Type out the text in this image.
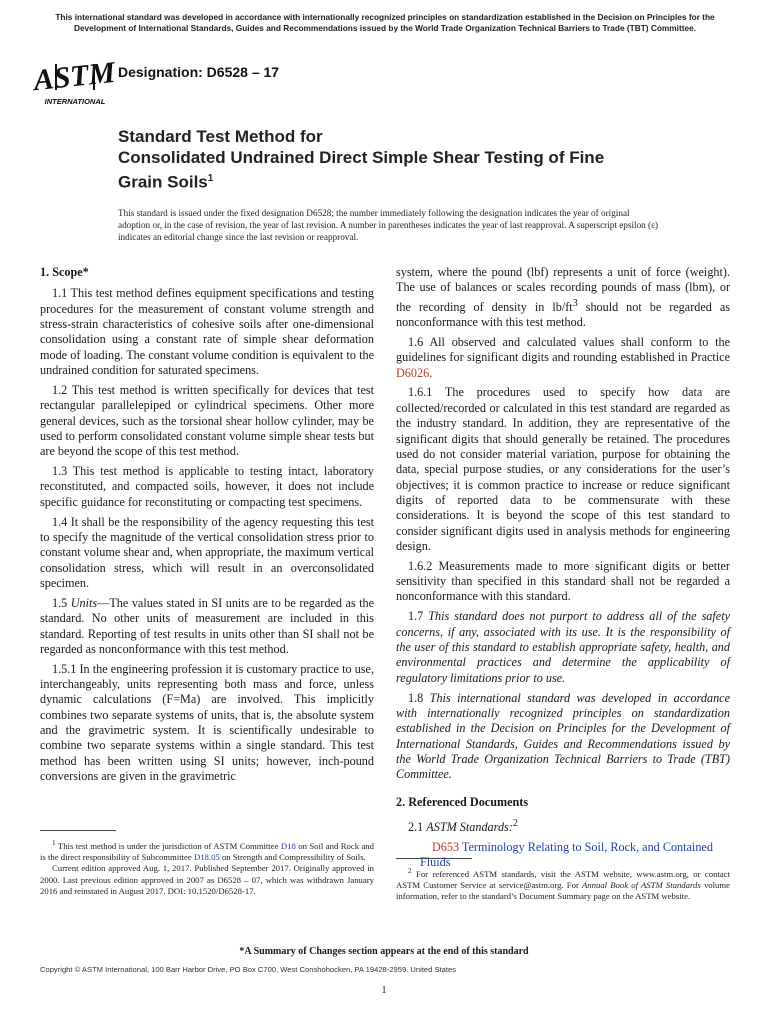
This international standard was developed in accordance with internationally recognized principles on standardization established in the Decision on Principles for the Development of International Standards, Guides and Recommendations issued by the World Trade Organization Technical Barriers to Trade (TBT) Committee.
ASTM
INTERNATIONAL
Designation: D6528 – 17
Standard Test Method for
Consolidated Undrained Direct Simple Shear Testing of Fine
Grain Soils$^1$
This standard is issued under the fixed designation D6528; the number immediately following the designation indicates the year of original adoption or, in the case of revision, the year of last revision. A number in parentheses indicates the year of last reapproval. A superscript epsilon (ε) indicates an editorial change since the last revision or reapproval.
1. Scope*

1.1 This test method defines equipment specifications and testing procedures for the measurement of constant volume strength and stress-strain characteristics of cohesive soils after one-dimensional consolidation using a constant rate of simple shear deformation mode of loading. The constant volume condition is equivalent to the undrained condition for saturated specimens.

1.2 This test method is written specifically for devices that test rectangular parallelepiped or cylindrical specimens. Other more general devices, such as the torsional shear hollow cylinder, may be used to perform consolidated constant volume simple shear tests but are beyond the scope of this test method.

1.3 This test method is applicable to testing intact, laboratory reconstituted, and compacted soils, however, it does not include specific guidance for reconstituting or compacting test specimens.

1.4 It shall be the responsibility of the agency requesting this test to specify the magnitude of the vertical consolidation stress prior to constant volume shear and, when appropriate, the maximum vertical consolidation stress, which will result in an overconsolidated specimen.

1.5 Units—The values stated in SI units are to be regarded as the standard. No other units of measurement are included in this standard. Reporting of test results in units other than SI shall not be regarded as nonconformance with this test method.

1.5.1 In the engineering profession it is customary practice to use, interchangeably, units representing both mass and force, unless dynamic calculations (F=Ma) are involved. This implicitly combines two separate systems of units, that is, the absolute system and the gravimetric system. It is scientifically undesirable to combine two separate systems within a single standard. This test method has been written using SI units; however, inch-pound conversions are given in the gravimetric

system, where the pound (lbf) represents a unit of force (weight). The use of balances or scales recording pounds of mass (lbm), or the recording of density in $lb/ft^3$ should not be regarded as nonconformance with this test method.

1.6 All observed and calculated values shall conform to the guidelines for significant digits and rounding established in Practice D6026.

1.6.1 The procedures used to specify how data are collected/recorded or calculated in this test standard are regarded as the industry standard. In addition, they are representative of the significant digits that should generally be retained. The procedures used do not consider material variation, purpose for obtaining the data, special purpose studies, or any considerations for the user’s objectives; it is common practice to increase or reduce significant digits of reported data to be commensurate with these considerations. It is beyond the scope of this test standard to consider significant digits used in analysis methods for engineering design.

1.6.2 Measurements made to more significant digits or better sensitivity than specified in this standard shall not be regarded a nonconformance with this standard.

1.7 This standard does not purport to address all of the safety concerns, if any, associated with its use. It is the responsibility of the user of this standard to establish appropriate safety, health, and environmental practices and determine the applicability of regulatory limitations prior to use.

1.8 This international standard was developed in accordance with internationally recognized principles on standardization established in the Decision on Principles for the Development of International Standards, Guides and Recommendations issued by the World Trade Organization Technical Barriers to Trade (TBT) Committee.

2. Referenced Documents

2.1 ASTM Standards:$^2$

D653 Terminology Relating to Soil, Rock, and Contained Fluids

$^1$ This test method is under the jurisdiction of ASTM Committee D18 on Soil and Rock and is the direct responsibility of Subcommittee D18.05 on Strength and Compressibility of Soils.

Current edition approved Aug. 1, 2017. Published September 2017. Originally approved in 2000. Last previous edition approved in 2007 as D6528 – 07, which was withdrawn January 2016 and reinstated in August 2017. DOI: 10.1520/D6528-17.

$^2$ For referenced ASTM standards, visit the ASTM website, www.astm.org, or contact ASTM Customer Service at service@astm.org. For Annual Book of ASTM Standards volume information, refer to the standard’s Document Summary page on the ASTM website.

*A Summary of Changes section appears at the end of this standard
Copyright © ASTM International, 100 Barr Harbor Drive, PO Box C700, West Conshohocken, PA 19428-2959. United States
1
